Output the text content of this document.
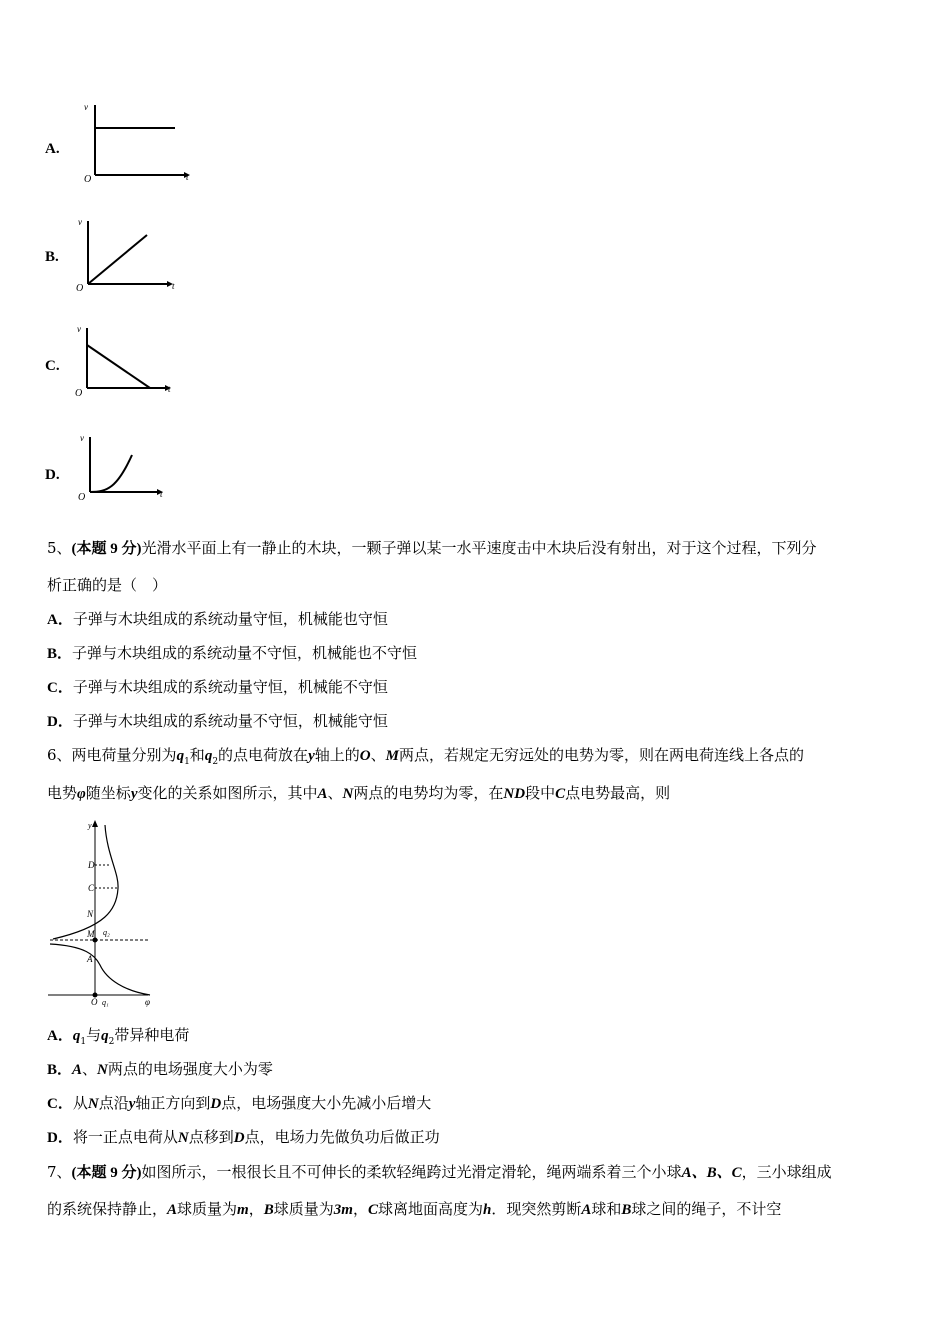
A.
v
O	t
B.
v
O	t
C.
v
O	t
D.
v
O	t
5、(本题 9 分)光滑水平面上有一静止的木块，一颗子弹以某一水平速度击中木块后没有射出，对于这个过程，下列分
析正确的是（　）
A．子弹与木块组成的系统动量守恒，机械能也守恒
B．子弹与木块组成的系统动量不守恒，机械能也不守恒
C．子弹与木块组成的系统动量守恒，机械能不守恒
D．子弹与木块组成的系统动量不守恒，机械能守恒
6、两电荷量分别为$q_1$和$q_2$的点电荷放在y轴上的O、M两点，若规定无穷远处的电势为零，则在两电荷连线上各点的
电势φ随坐标y变化的关系如图所示，其中A、N两点的电势均为零，在ND段中C点电势最高，则
y
D
C
N
M q₂
A
O q₁	φ
A．$q_1$与$q_2$带异种电荷
B．A、N两点的电场强度大小为零
C．从N点沿y轴正方向到D点，电场强度大小先减小后增大
D．将一正点电荷从N点移到D点，电场力先做负功后做正功
7、(本题 9 分)如图所示，一根很长且不可伸长的柔软轻绳跨过光滑定滑轮，绳两端系着三个小球A、B、C，三小球组成
的系统保持静止，A球质量为m，B球质量为3m，C球离地面高度为h．现突然剪断A球和B球之间的绳子，不计空
